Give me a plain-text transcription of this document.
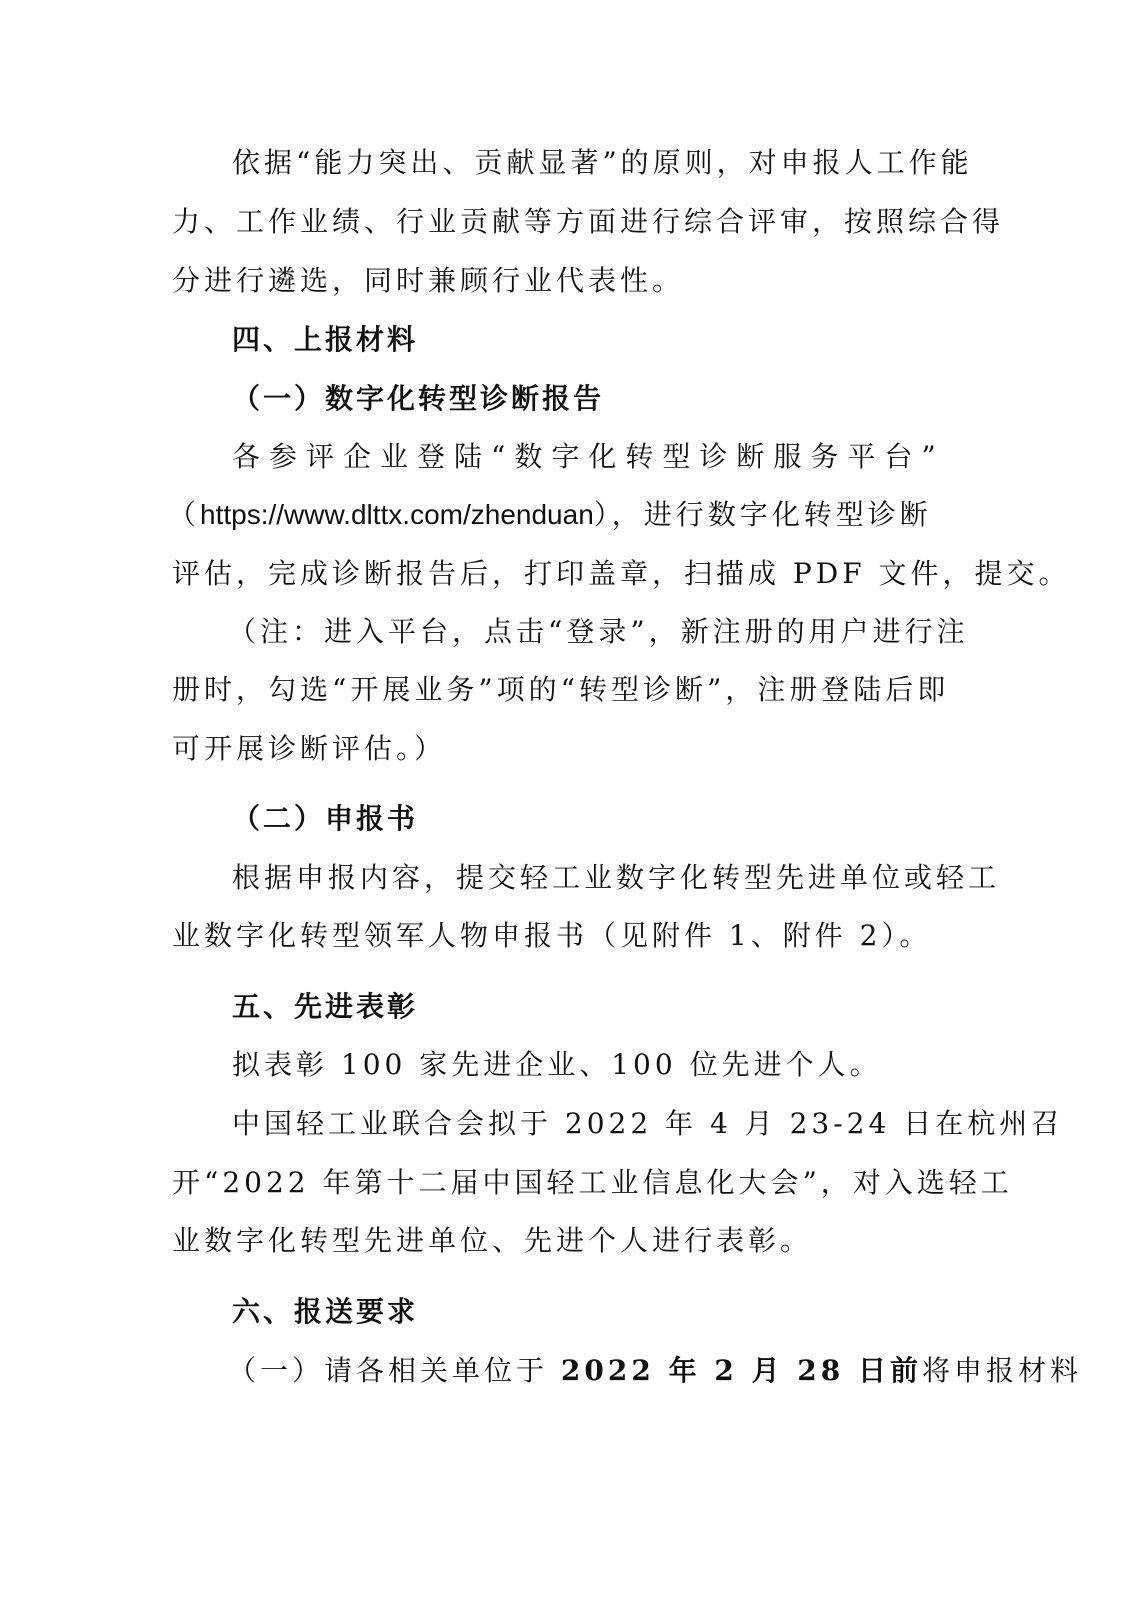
依据“能力突出、贡献显著”的原则，对申报人工作能
力、工作业绩、行业贡献等方面进行综合评审，按照综合得
分进行遴选，同时兼顾行业代表性。
四、上报材料
（一）数字化转型诊断报告
各参评企业登陆“数字化转型诊断服务平台”
（https://www.dlttx.com/zhenduan），进行数字化转型诊断
评估，完成诊断报告后，打印盖章，扫描成 PDF 文件，提交。
（注：进入平台，点击“登录”，新注册的用户进行注
册时，勾选“开展业务”项的“转型诊断”，注册登陆后即
可开展诊断评估。）
（二）申报书
根据申报内容，提交轻工业数字化转型先进单位或轻工
业数字化转型领军人物申报书（见附件 1、附件 2）。
五、先进表彰
拟表彰 100 家先进企业、100 位先进个人。
中国轻工业联合会拟于 2022 年 4 月 23-24 日在杭州召
开“2022 年第十二届中国轻工业信息化大会”，对入选轻工
业数字化转型先进单位、先进个人进行表彰。
六、报送要求
（一）请各相关单位于 2022 年 2 月 28 日前将申报材料
